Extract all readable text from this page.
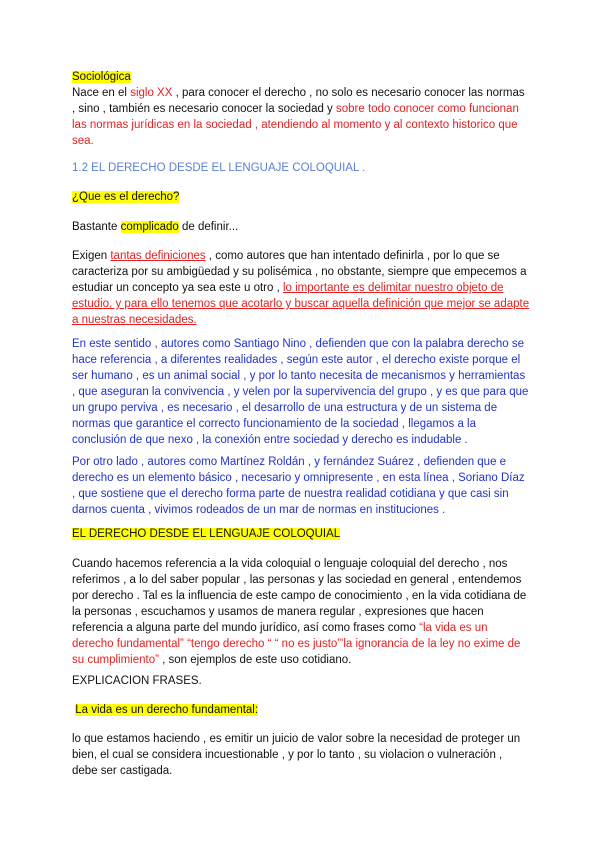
Sociológica

Nace en el siglo XX , para conocer el derecho , no solo es necesario conocer las normas , sino , también es necesario conocer la sociedad y sobre todo conocer como funcionan las normas jurídicas en la sociedad , atendiendo al momento y al contexto historico que sea.

1.2 EL DERECHO DESDE EL LENGUAJE COLOQUIAL .

¿Que es el derecho?

Bastante complicado de definir...

Exigen tantas definiciones , como autores que han intentado definirla , por lo que se caracteriza por su ambigüedad y su polisémica , no obstante, siempre que empecemos a estudiar un concepto ya sea este u otro , lo importante es delimitar nuestro objeto de estudio, y para ello tenemos que acotarlo y buscar aquella definición que mejor se adapte a nuestras necesidades.

En este sentido , autores como Santiago Nino , defienden que con la palabra derecho se hace referencia , a diferentes realidades , según este autor , el derecho existe porque el ser humano , es un animal social , y por lo tanto necesita de mecanismos y herramientas , que aseguran la convivencia , y velen por la supervivencia del grupo , y es que para que un grupo perviva , es necesario , el desarrollo de una estructura y de un sistema de normas que garantice el correcto funcionamiento de la sociedad , llegamos a la conclusión de que nexo , la conexión entre sociedad y derecho es indudable .

Por otro lado , autores como Martínez Roldán , y fernández Suárez , defienden que e derecho es un elemento básico , necesario y omnipresente , en esta línea , Soriano Díaz , que sostiene que el derecho forma parte de nuestra realidad cotidiana y que casi sin darnos cuenta , vivimos rodeados de un mar de normas en instituciones .

EL DERECHO DESDE EL LENGUAJE COLOQUIAL

Cuando hacemos referencia a la vida coloquial o lenguaje coloquial del derecho , nos referimos , a lo del saber popular , las personas y las sociedad en general , entendemos por derecho . Tal es la influencia de este campo de conocimiento , en la vida cotidiana de la personas , escuchamos y usamos de manera regular , expresiones que hacen referencia a alguna parte del mundo jurídico, así como frases como “la vida es un derecho fundamental” “tengo derecho “ “ no es justo”'la ignorancia de la ley no exime de su cumplimiento” , son ejemplos de este uso cotidiano.

EXPLICACION FRASES.

La vida es un derecho fundamental:

lo que estamos haciendo , es emitir un juicio de valor sobre la necesidad de proteger un bien, el cual se considera incuestionable , y por lo tanto , su violacion o vulneración , debe ser castigada.
